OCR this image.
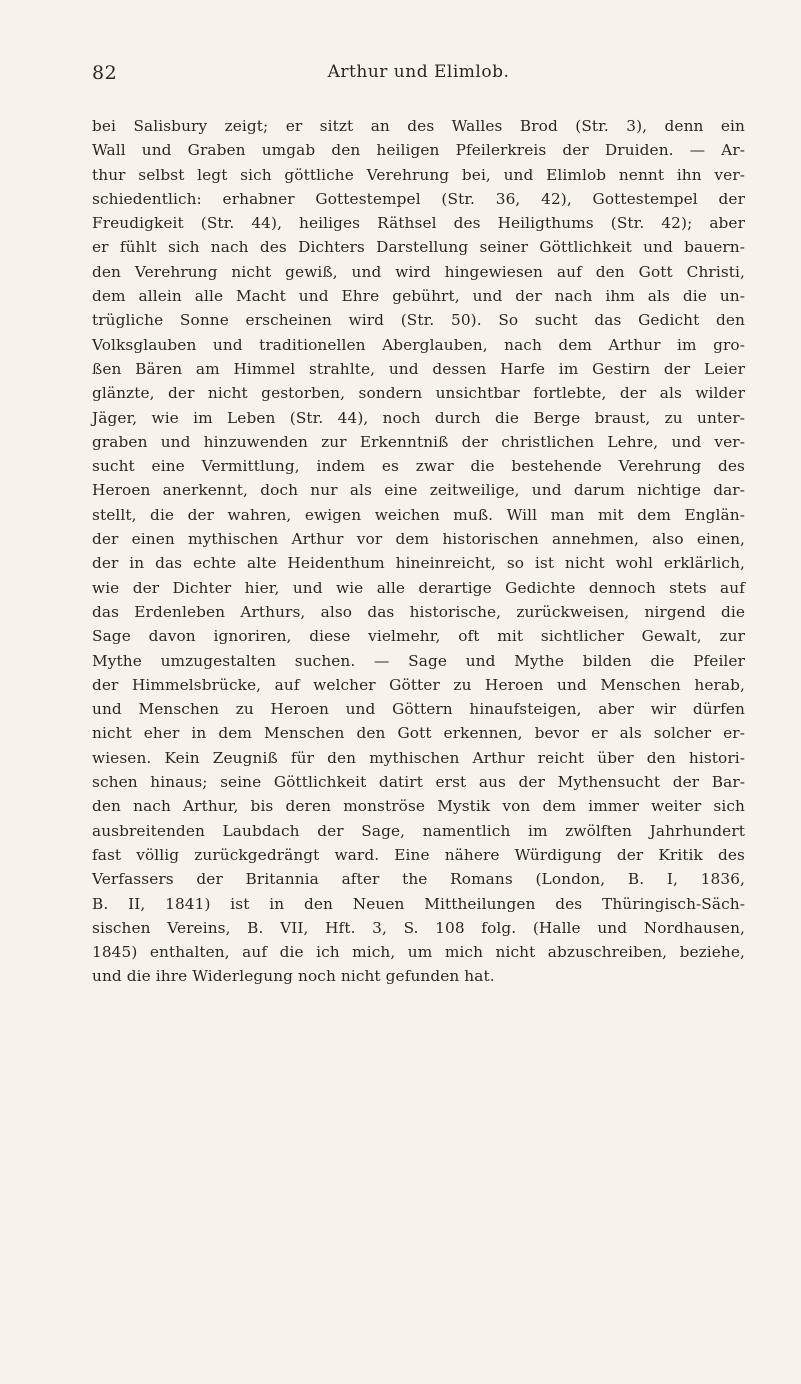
82	Arthur und Elimlob.
bei Salisbury zeigt; er sitzt an des Walles Brod (Str. 3), denn ein
Wall und Graben umgab den heiligen Pfeilerkreis der Druiden. — Ar-
thur selbst legt sich göttliche Verehrung bei, und Elimlob nennt ihn ver-
schiedentlich: erhabner Gottestempel (Str. 36, 42), Gottestempel der
Freudigkeit (Str. 44), heiliges Räthsel des Heiligthums (Str. 42); aber
er fühlt sich nach des Dichters Darstellung seiner Göttlichkeit und bauern-
den Verehrung nicht gewiß, und wird hingewiesen auf den Gott Christi,
dem allein alle Macht und Ehre gebührt, und der nach ihm als die un-
trügliche Sonne erscheinen wird (Str. 50). So sucht das Gedicht den
Volksglauben und traditionellen Aberglauben, nach dem Arthur im gro-
ßen Bären am Himmel strahlte, und dessen Harfe im Gestirn der Leier
glänzte, der nicht gestorben, sondern unsichtbar fortlebte, der als wilder
Jäger, wie im Leben (Str. 44), noch durch die Berge braust, zu unter-
graben und hinzuwenden zur Erkenntniß der christlichen Lehre, und ver-
sucht eine Vermittlung, indem es zwar die bestehende Verehrung des
Heroen anerkennt, doch nur als eine zeitweilige, und darum nichtige dar-
stellt, die der wahren, ewigen weichen muß. Will man mit dem Englän-
der einen mythischen Arthur vor dem historischen annehmen, also einen,
der in das echte alte Heidenthum hineinreicht, so ist nicht wohl erklärlich,
wie der Dichter hier, und wie alle derartige Gedichte dennoch stets auf
das Erdenleben Arthurs, also das historische, zurückweisen, nirgend die
Sage davon ignoriren, diese vielmehr, oft mit sichtlicher Gewalt, zur
Mythe umzugestalten suchen. — Sage und Mythe bilden die Pfeiler
der Himmelsbrücke, auf welcher Götter zu Heroen und Menschen herab,
und Menschen zu Heroen und Göttern hinaufsteigen, aber wir dürfen
nicht eher in dem Menschen den Gott erkennen, bevor er als solcher er-
wiesen. Kein Zeugniß für den mythischen Arthur reicht über den histori-
schen hinaus; seine Göttlichkeit datirt erst aus der Mythensucht der Bar-
den nach Arthur, bis deren monströse Mystik von dem immer weiter sich
ausbreitenden Laubdach der Sage, namentlich im zwölften Jahrhundert
fast völlig zurückgedrängt ward. Eine nähere Würdigung der Kritik des
Verfassers der Britannia after the Romans (London, B. I, 1836,
B. II, 1841) ist in den Neuen Mittheilungen des Thüringisch-Säch-
sischen Vereins, B. VII, Hft. 3, S. 108 folg. (Halle und Nordhausen,
1845) enthalten, auf die ich mich, um mich nicht abzuschreiben, beziehe,
und die ihre Widerlegung noch nicht gefunden hat.
